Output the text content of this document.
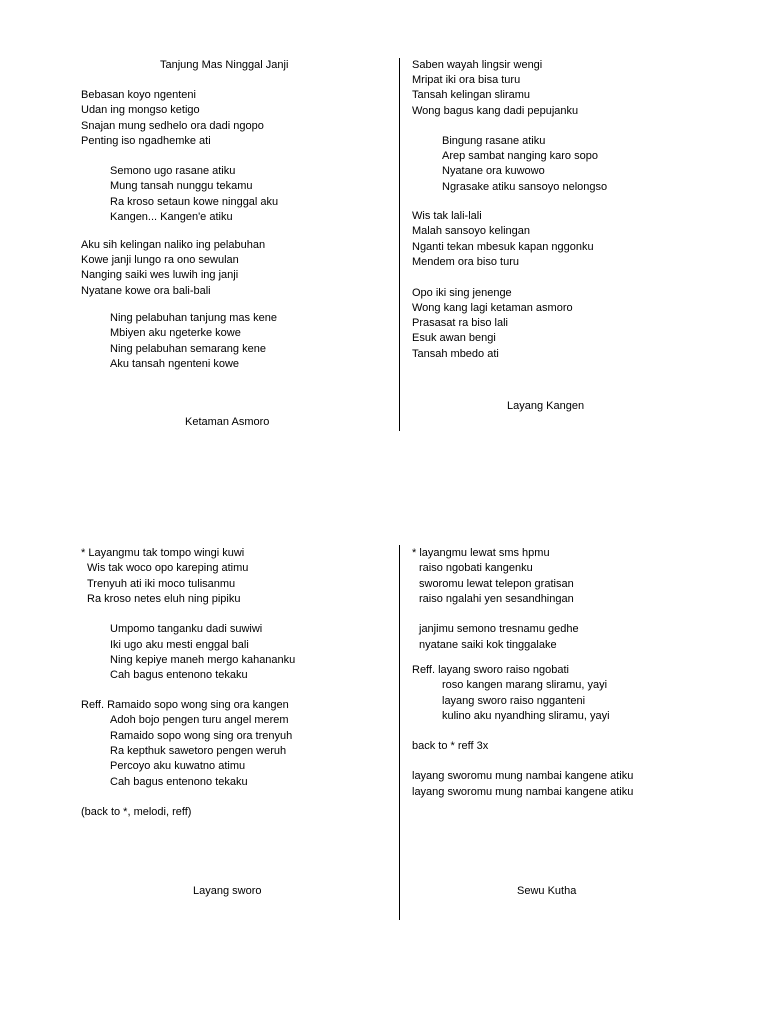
Tanjung Mas Ninggal Janji
Bebasan koyo ngenteni
Udan ing mongso ketigo
Snajan mung sedhelo ora dadi ngopo
Penting iso ngadhemke ati
Semono ugo rasane atiku
Mung tansah nunggu tekamu
Ra kroso setaun kowe ninggal aku
Kangen... Kangen'e atiku
Aku sih kelingan naliko ing pelabuhan
Kowe janji lungo ra ono sewulan
Nanging saiki wes luwih ing janji
Nyatane kowe ora bali-bali
Ning pelabuhan tanjung mas kene
Mbiyen aku ngeterke kowe
Ning pelabuhan semarang kene
Aku tansah ngenteni kowe
Ketaman Asmoro
Saben wayah lingsir wengi
Mripat iki ora bisa turu
Tansah kelingan sliramu
Wong bagus kang dadi pepujanku
Bingung rasane atiku
Arep sambat nanging karo sopo
Nyatane ora kuwowo
Ngrasake atiku sansoyo nelongso
Wis tak lali-lali
Malah sansoyo kelingan
Nganti tekan mbesuk kapan nggonku
Mendem ora biso turu
Opo iki sing jenenge
Wong kang lagi ketaman asmoro
Prasasat ra biso lali
Esuk awan bengi
Tansah mbedo ati
Layang Kangen
* Layangmu tak tompo wingi kuwi
Wis tak woco opo kareping atimu
Trenyuh ati iki moco tulisanmu
Ra kroso netes eluh ning pipiku
Umpomo tanganku dadi suwiwi
Iki ugo aku mesti enggal bali
Ning kepiye maneh mergo kahananku
Cah bagus entenono tekaku
Reff. Ramaido sopo wong sing ora kangen
Adoh bojo pengen turu angel merem
Ramaido sopo wong sing ora trenyuh
Ra kepthuk sawetoro pengen weruh
Percoyo aku kuwatno atimu
Cah bagus entenono tekaku
(back to *, melodi, reff)
Layang sworo
* layangmu lewat sms hpmu
raiso ngobati kangenku
sworomu lewat telepon gratisan
raiso ngalahi yen sesandhingan
janjimu semono tresnamu gedhe
nyatane saiki kok tinggalake
Reff. layang sworo raiso ngobati
roso kangen marang sliramu, yayi
layang sworo raiso ngganteni
kulino aku nyandhing sliramu, yayi
back to * reff 3x
layang sworomu mung nambai kangene atiku
layang sworomu mung nambai kangene atiku
Sewu Kutha
